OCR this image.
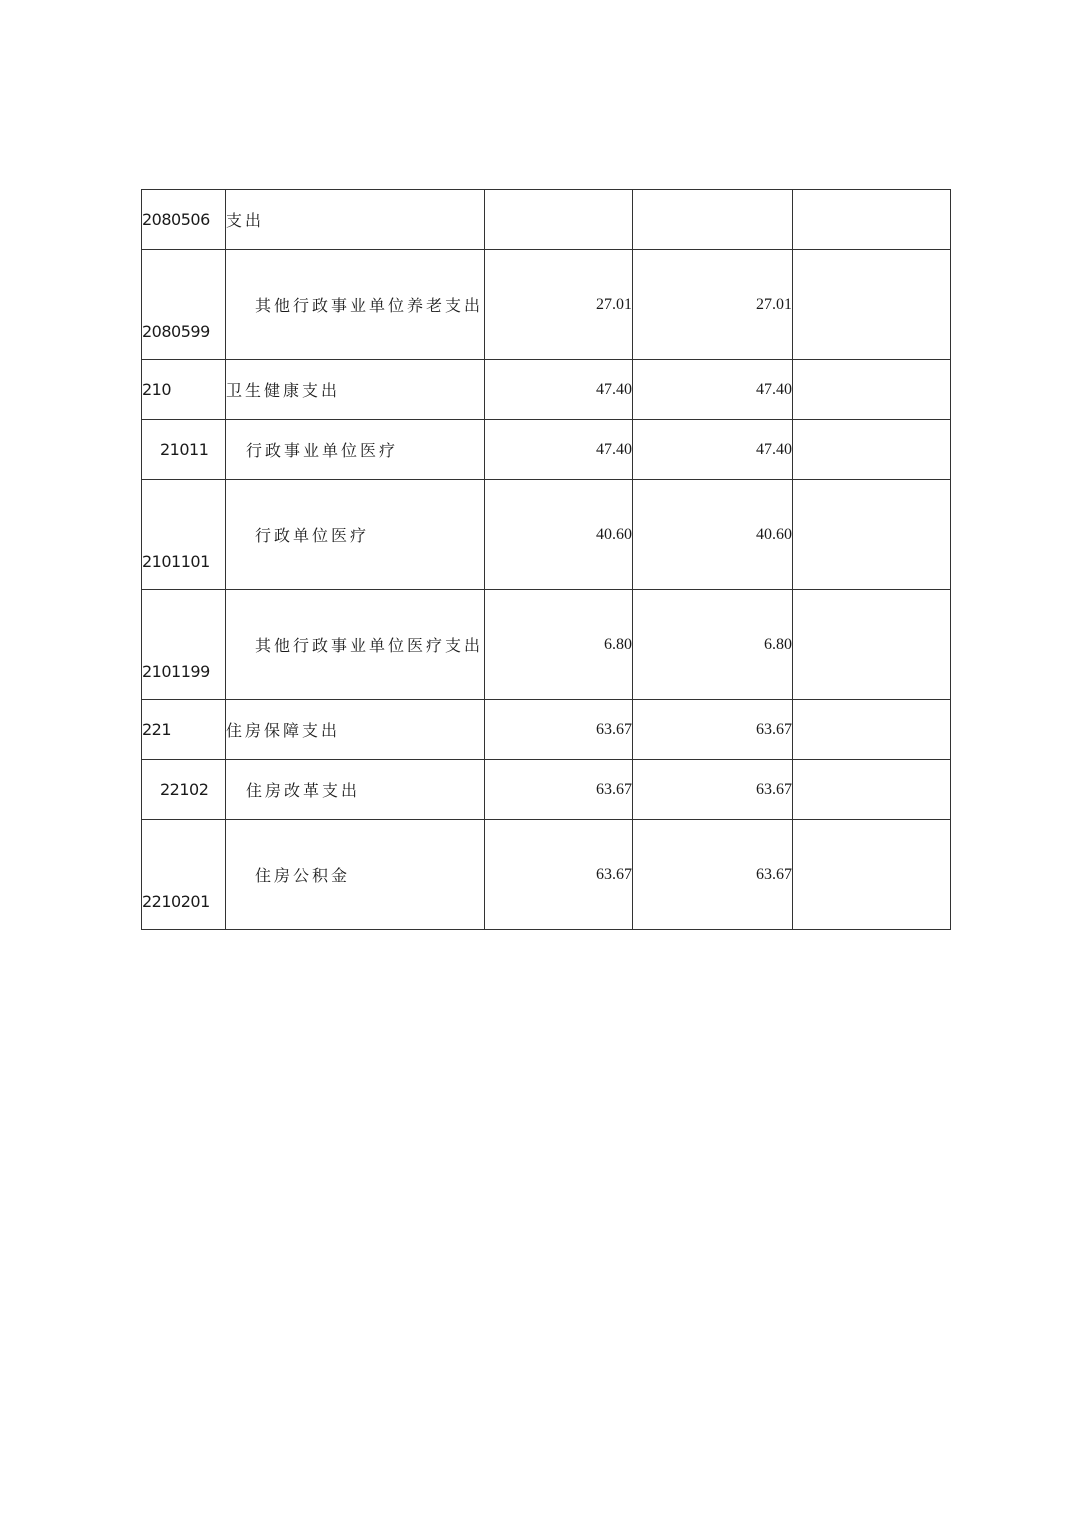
2080506	支出			
2080599	其他行政事业单位养老支出	27.01	27.01	
210	卫生健康支出	47.40	47.40	
21011	行政事业单位医疗	47.40	47.40	
2101101	行政单位医疗	40.60	40.60	
2101199	其他行政事业单位医疗支出	6.80	6.80	
221	住房保障支出	63.67	63.67	
22102	住房改革支出	63.67	63.67	
2210201	住房公积金	63.67	63.67	
